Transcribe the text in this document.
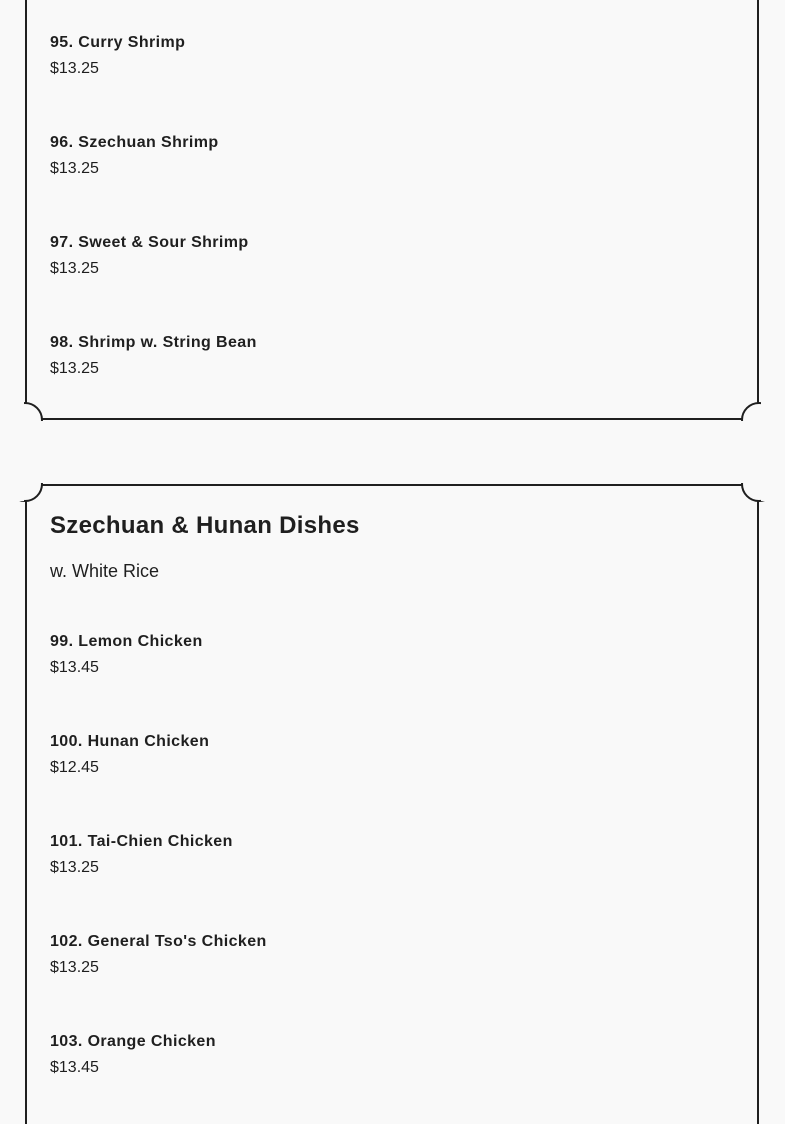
95. Curry Shrimp
$13.25
96. Szechuan Shrimp
$13.25
97. Sweet & Sour Shrimp
$13.25
98. Shrimp w. String Bean
$13.25
Szechuan & Hunan Dishes
w. White Rice
99. Lemon Chicken
$13.45
100. Hunan Chicken
$12.45
101. Tai-Chien Chicken
$13.25
102. General Tso's Chicken
$13.25
103. Orange Chicken
$13.45
